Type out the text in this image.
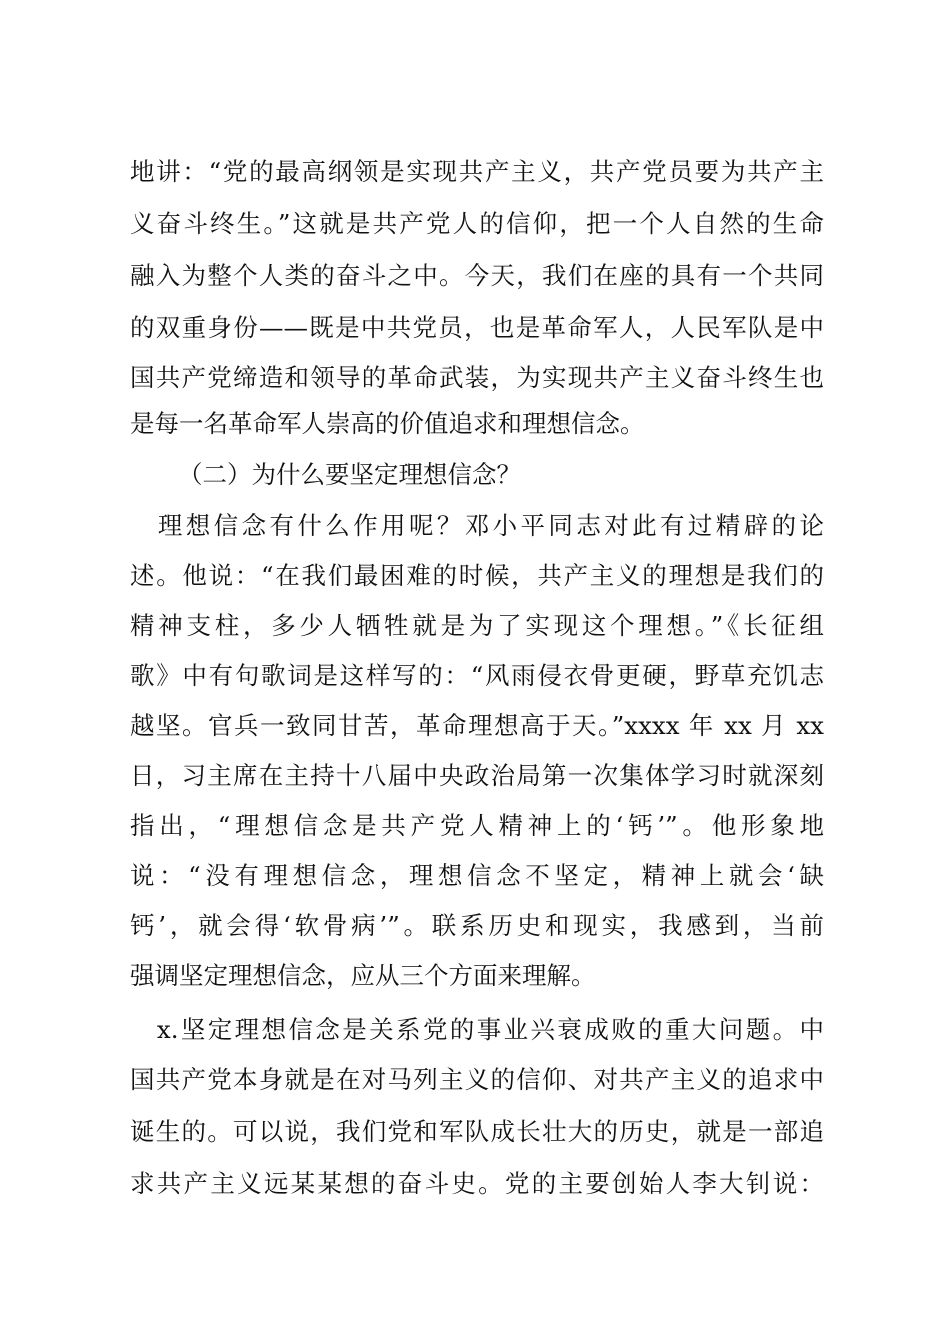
地讲：“党的最高纲领是实现共产主义，共产党员要为共产主
义奋斗终生。”这就是共产党人的信仰，把一个人自然的生命
融入为整个人类的奋斗之中。今天，我们在座的具有一个共同
的双重身份——既是中共党员，也是革命军人，人民军队是中
国共产党缔造和领导的革命武装，为实现共产主义奋斗终生也
是每一名革命军人崇高的价值追求和理想信念。
（二）为什么要坚定理想信念？
　理想信念有什么作用呢？邓小平同志对此有过精辟的论
述。他说：“在我们最困难的时候，共产主义的理想是我们的
精神支柱，多少人牺牲就是为了实现这个理想。”《长征组
歌》中有句歌词是这样写的：“风雨侵衣骨更硬，野草充饥志
越坚。官兵一致同甘苦，革命理想高于天。”xxxx 年 xx 月 xx
日，习主席在主持十八届中央政治局第一次集体学习时就深刻
指出，“理想信念是共产党人精神上的‘钙’”。他形象地
说：“没有理想信念，理想信念不坚定，精神上就会‘缺
钙’，就会得‘软骨病’”。联系历史和现实，我感到，当前
强调坚定理想信念，应从三个方面来理解。
　x.坚定理想信念是关系党的事业兴衰成败的重大问题。中
国共产党本身就是在对马列主义的信仰、对共产主义的追求中
诞生的。可以说，我们党和军队成长壮大的历史，就是一部追
求共产主义远某某想的奋斗史。党的主要创始人李大钊说：
